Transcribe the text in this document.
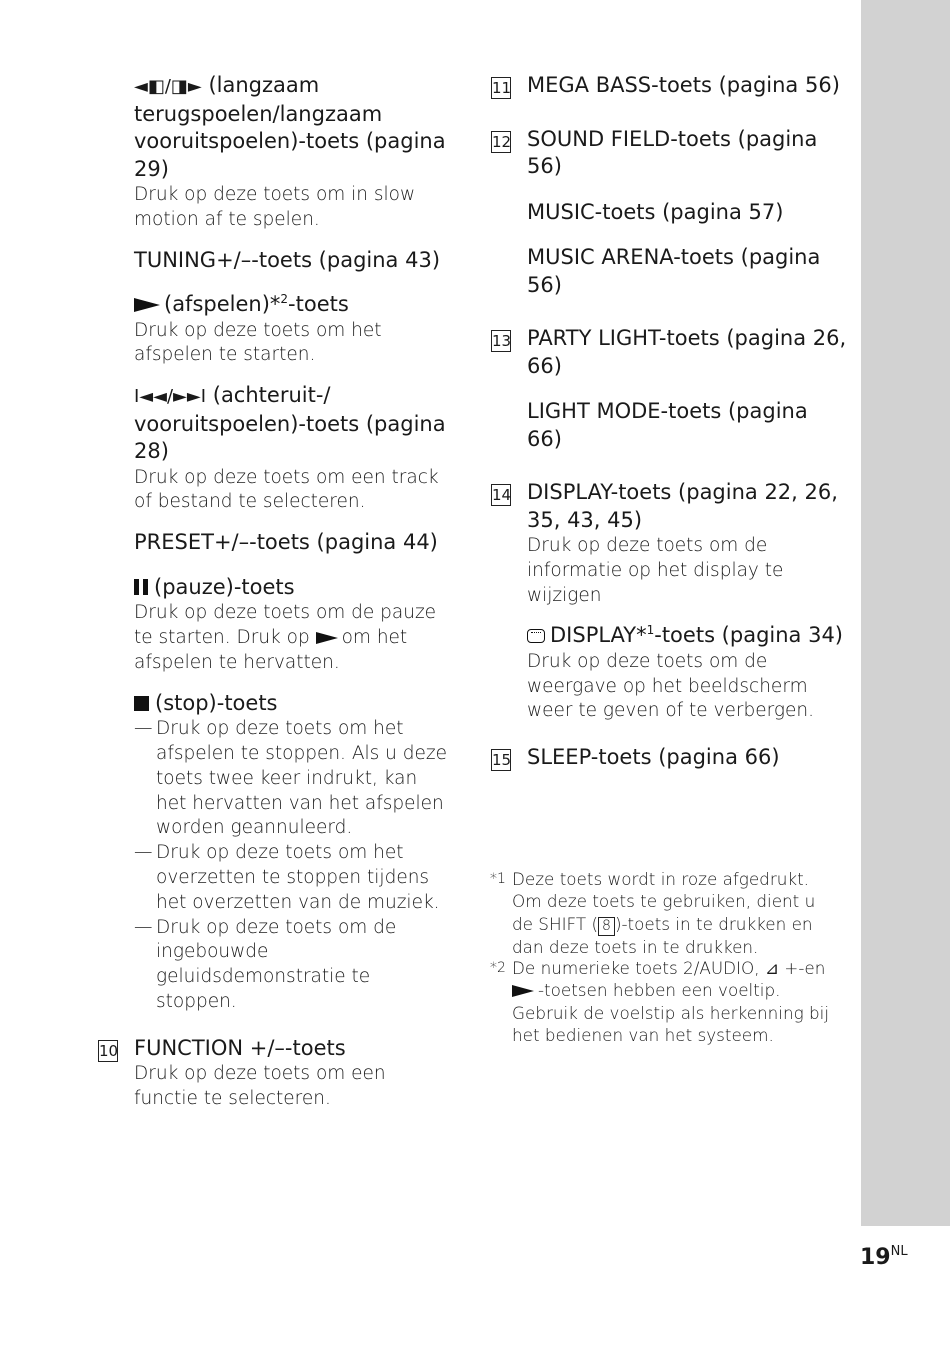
◄◧/◨► (langzaam terugspoelen/langzaam vooruitspoelen)-toets (pagina 29)
Druk op deze toets om in slow motion af te spelen.
TUNING+/–-toets (pagina 43)
(afspelen)*$^2$-toets
Druk op deze toets om het afspelen te starten.
I◄◄/►►I (achteruit-/ vooruitspoelen)-toets (pagina 28)
Druk op deze toets om een track of bestand te selecteren.
PRESET+/–-toets (pagina 44)
(pauze)-toets
Druk op deze toets om de pauze te starten. Druk op om het afspelen te hervatten.
(stop)-toets
— Druk op deze toets om het afspelen te stoppen. Als u deze toets twee keer indrukt, kan het hervatten van het afspelen worden geannuleerd.
— Druk op deze toets om het overzetten te stoppen tijdens het overzetten van de muziek.
— Druk op deze toets om de ingebouwde geluidsdemonstratie te stoppen.
10 FUNCTION +/–-toets
Druk op deze toets om een functie te selecteren.
11 MEGA BASS-toets (pagina 56)
12 SOUND FIELD-toets (pagina 56)
MUSIC-toets (pagina 57)
MUSIC ARENA-toets (pagina 56)
13 PARTY LIGHT-toets (pagina 26, 66)
LIGHT MODE-toets (pagina 66)
14 DISPLAY-toets (pagina 22, 26, 35, 43, 45)
Druk op deze toets om de informatie op het display te wijzigen
DISPLAY*$^1$-toets (pagina 34)
Druk op deze toets om de weergave op het beeldscherm weer te geven of te verbergen.
15 SLEEP-toets (pagina 66)
*1 Deze toets wordt in roze afgedrukt. Om deze toets te gebruiken, dient u de SHIFT ( 8 )-toets in te drukken en dan deze toets in te drukken.
*2 De numerieke toets 2/AUDIO, ⊿ +-en -toetsen hebben een voeltip. Gebruik de voelstip als herkenning bij het bedienen van het systeem.
$19^{NL}$
